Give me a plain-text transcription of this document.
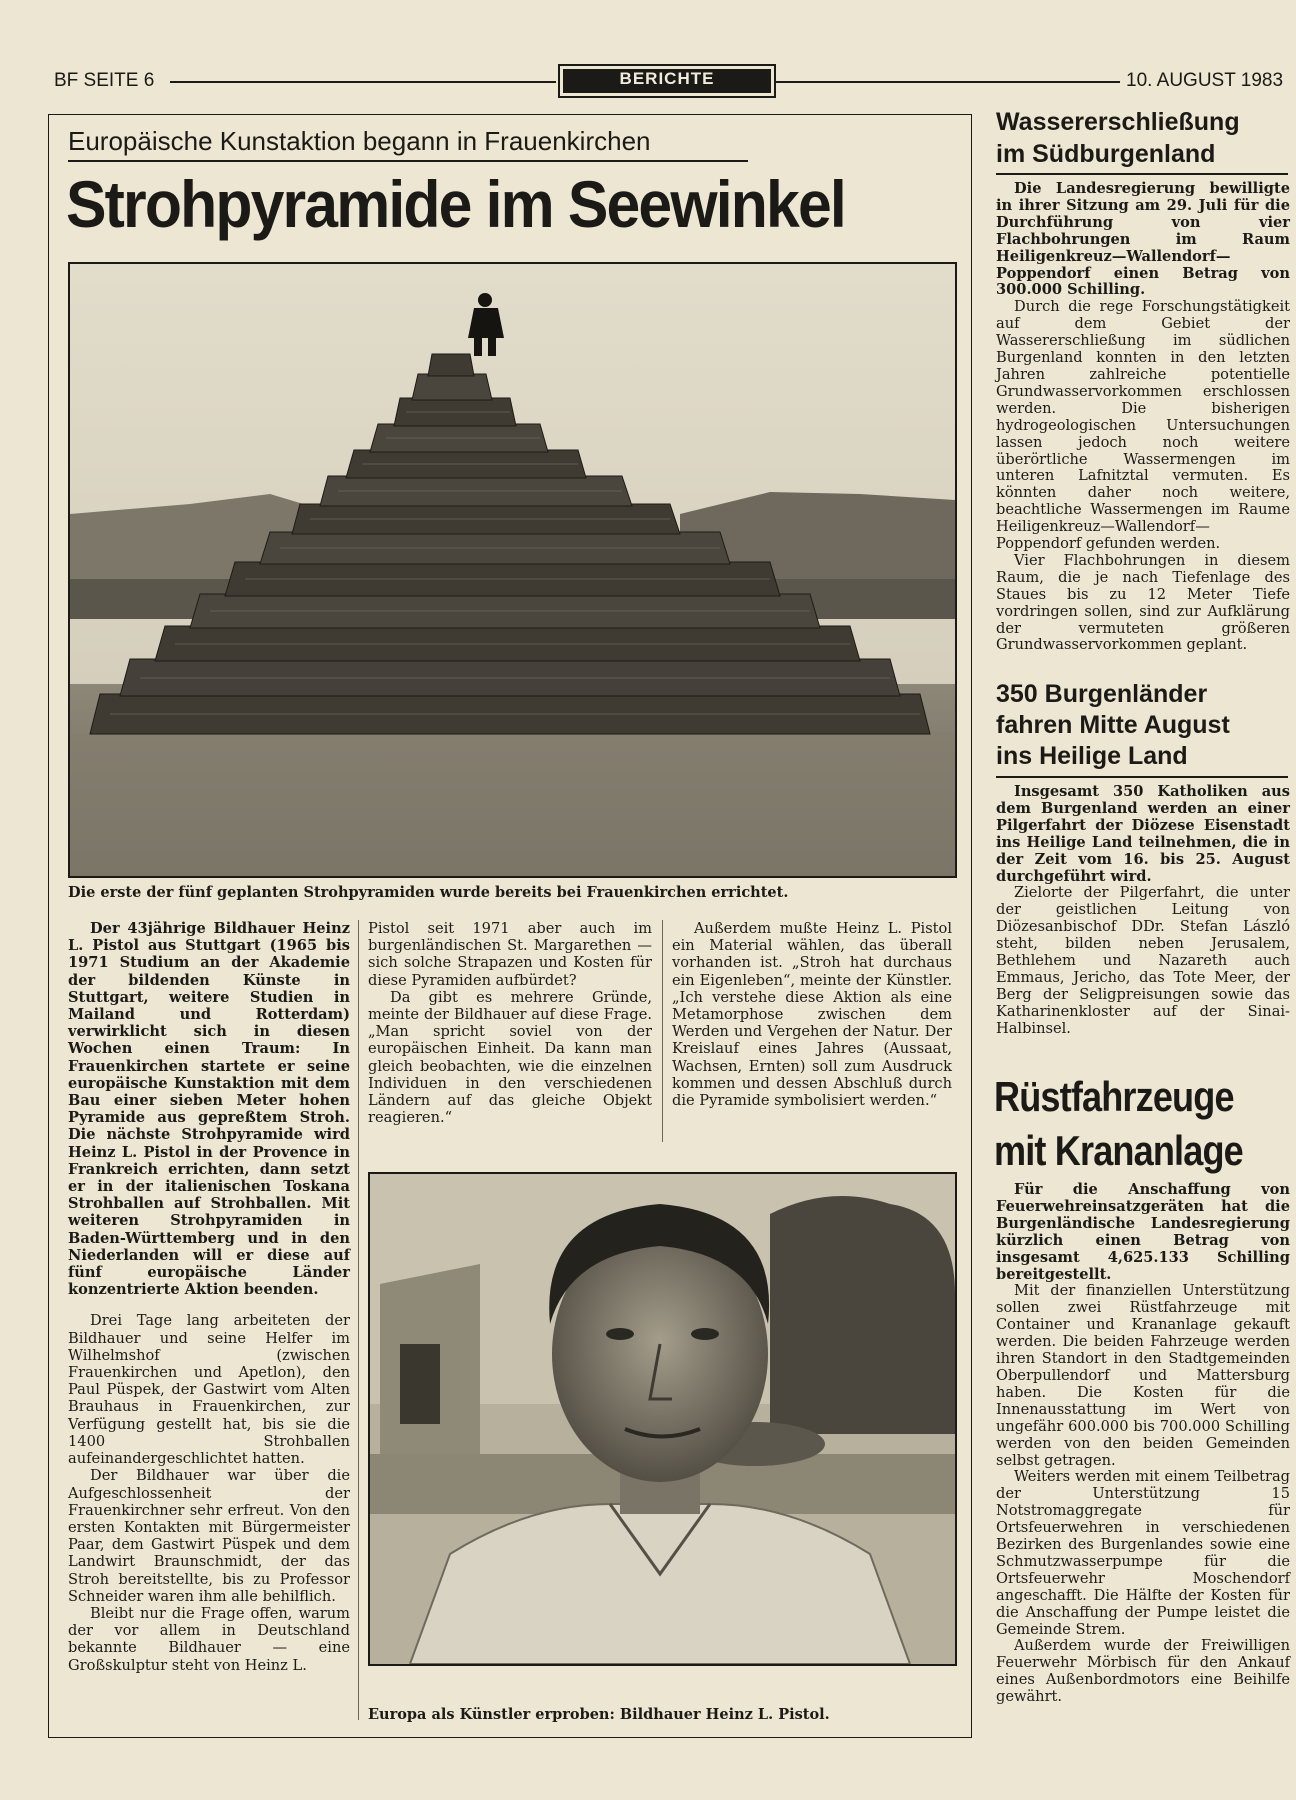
BF SEITE 6	BERICHTE	10. AUGUST 1983
Europäische Kunstaktion begann in Frauenkirchen
Strohpyramide im Seewinkel
Die erste der fünf geplanten Strohpyramiden wurde bereits bei Frauenkirchen errichtet.

Der 43jährige Bildhauer Heinz L. Pistol aus Stuttgart (1965 bis 1971 Studium an der Akademie der bildenden Künste in Stuttgart, weitere Studien in Mailand und Rotterdam) verwirklicht sich in diesen Wochen einen Traum: In Frauenkirchen startete er seine europäische Kunstaktion mit dem Bau einer sieben Meter hohen Pyramide aus gepreßtem Stroh. Die nächste Strohpyramide wird Heinz L. Pistol in der Provence in Frankreich errichten, dann setzt er in der italienischen Toskana Strohballen auf Strohballen. Mit weiteren Strohpyramiden in Baden-Württemberg und in den Niederlanden will er diese auf fünf europäische Länder konzentrierte Aktion beenden.

Drei Tage lang arbeiteten der Bildhauer und seine Helfer im Wilhelmshof (zwischen Frauenkirchen und Apetlon), den Paul Püspek, der Gastwirt vom Alten Brauhaus in Frauenkirchen, zur Verfügung gestellt hat, bis sie die 1400 Strohballen aufeinandergeschlichtet hatten.

Der Bildhauer war über die Aufgeschlossenheit der Frauenkirchner sehr erfreut. Von den ersten Kontakten mit Bürgermeister Paar, dem Gastwirt Püspek und dem Landwirt Braunschmidt, der das Stroh bereitstellte, bis zu Professor Schneider waren ihm alle behilflich.

Bleibt nur die Frage offen, warum der vor allem in Deutschland bekannte Bildhauer — eine Großskulptur steht von Heinz L.

Pistol seit 1971 aber auch im burgenländischen St. Margarethen — sich solche Strapazen und Kosten für diese Pyramiden aufbürdet?

Da gibt es mehrere Gründe, meinte der Bildhauer auf diese Frage. „Man spricht soviel von der europäischen Einheit. Da kann man gleich beobachten, wie die einzelnen Individuen in den verschiedenen Ländern auf das gleiche Objekt reagieren.“

Außerdem mußte Heinz L. Pistol ein Material wählen, das überall vorhanden ist. „Stroh hat durchaus ein Eigenleben“, meinte der Künstler. „Ich verstehe diese Aktion als eine Metamorphose zwischen dem Werden und Vergehen der Natur. Der Kreislauf eines Jahres (Aussaat, Wachsen, Ernten) soll zum Ausdruck kommen und dessen Abschluß durch die Pyramide symbolisiert werden.“

Europa als Künstler erproben: Bildhauer Heinz L. Pistol.
Wassererschließung
im Südburgenland

Die Landesregierung bewilligte in ihrer Sitzung am 29. Juli für die Durchführung von vier Flachbohrungen im Raum Heiligenkreuz—Wallendorf—Poppendorf einen Betrag von 300.000 Schilling.

Durch die rege Forschungstätigkeit auf dem Gebiet der Wassererschließung im südlichen Burgenland konnten in den letzten Jahren zahlreiche potentielle Grundwasservorkommen erschlossen werden. Die bisherigen hydrogeologischen Untersuchungen lassen jedoch noch weitere überörtliche Wassermengen im unteren Lafnitztal vermuten. Es könnten daher noch weitere, beachtliche Wassermengen im Raume Heiligenkreuz—Wallendorf—Poppendorf gefunden werden.

Vier Flachbohrungen in diesem Raum, die je nach Tiefenlage des Staues bis zu 12 Meter Tiefe vordringen sollen, sind zur Aufklärung der vermuteten größeren Grundwasservorkommen geplant.

350 Burgenländer
fahren Mitte August
ins Heilige Land

Insgesamt 350 Katholiken aus dem Burgenland werden an einer Pilgerfahrt der Diözese Eisenstadt ins Heilige Land teilnehmen, die in der Zeit vom 16. bis 25. August durchgeführt wird.

Zielorte der Pilgerfahrt, die unter der geistlichen Leitung von Diözesanbischof DDr. Stefan László steht, bilden neben Jerusalem, Bethlehem und Nazareth auch Emmaus, Jericho, das Tote Meer, der Berg der Seligpreisungen sowie das Katharinenkloster auf der Sinai-Halbinsel.

Rüstfahrzeuge
mit Krananlage

Für die Anschaffung von Feuerwehreinsatzgeräten hat die Burgenländische Landesregierung kürzlich einen Betrag von insgesamt 4,625.133 Schilling bereitgestellt.

Mit der finanziellen Unterstützung sollen zwei Rüstfahrzeuge mit Container und Krananlage gekauft werden. Die beiden Fahrzeuge werden ihren Standort in den Stadtgemeinden Oberpullendorf und Mattersburg haben. Die Kosten für die Innenausstattung im Wert von ungefähr 600.000 bis 700.000 Schilling werden von den beiden Gemeinden selbst getragen.

Weiters werden mit einem Teilbetrag der Unterstützung 15 Notstromaggregate für Ortsfeuerwehren in verschiedenen Bezirken des Burgenlandes sowie eine Schmutzwasserpumpe für die Ortsfeuerwehr Moschendorf angeschafft. Die Hälfte der Kosten für die Anschaffung der Pumpe leistet die Gemeinde Strem.

Außerdem wurde der Freiwilligen Feuerwehr Mörbisch für den Ankauf eines Außenbordmotors eine Beihilfe gewährt.
